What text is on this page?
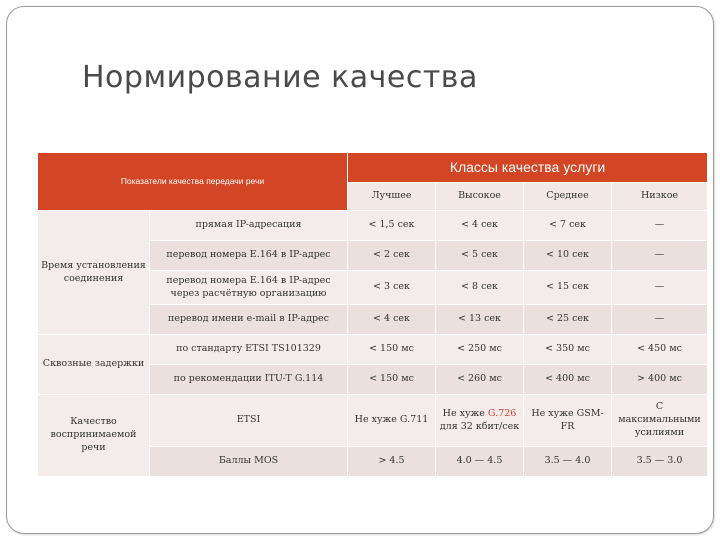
Нормирование качества
Показатели качества передачи речи		Классы качества услуги			
		Лучшее	Высокое	Среднее	Низкое
Время установления соединения	прямая IP-адресация	< 1,5 сек	< 4 сек	< 7 сек	—
	перевод номера E.164 в IP-адрес	< 2 сек	< 5 сек	< 10 сек	—
	перевод номера E.164 в IP-адрес через расчётную организацию	< 3 сек	< 8 сек	< 15 сек	—
	перевод имени e-mail в IP-адрес	< 4 сек	< 13 сек	< 25 сек	—
Сквозные задержки	по стандарту ETSI TS101329	< 150 мс	< 250 мс	< 350 мс	< 450 мс
	по рекомендации ITU-T G.114	< 150 мс	< 260 мс	< 400 мс	> 400 мс
Качество воспринимаемой речи	ETSI	Не хуже G.711	Не хуже G.726 для 32 кбит/сек	Не хуже GSM-FR	С максимальными усилиями
	Баллы MOS	> 4.5	4.0 — 4.5	3.5 — 4.0	3.5 — 3.0
